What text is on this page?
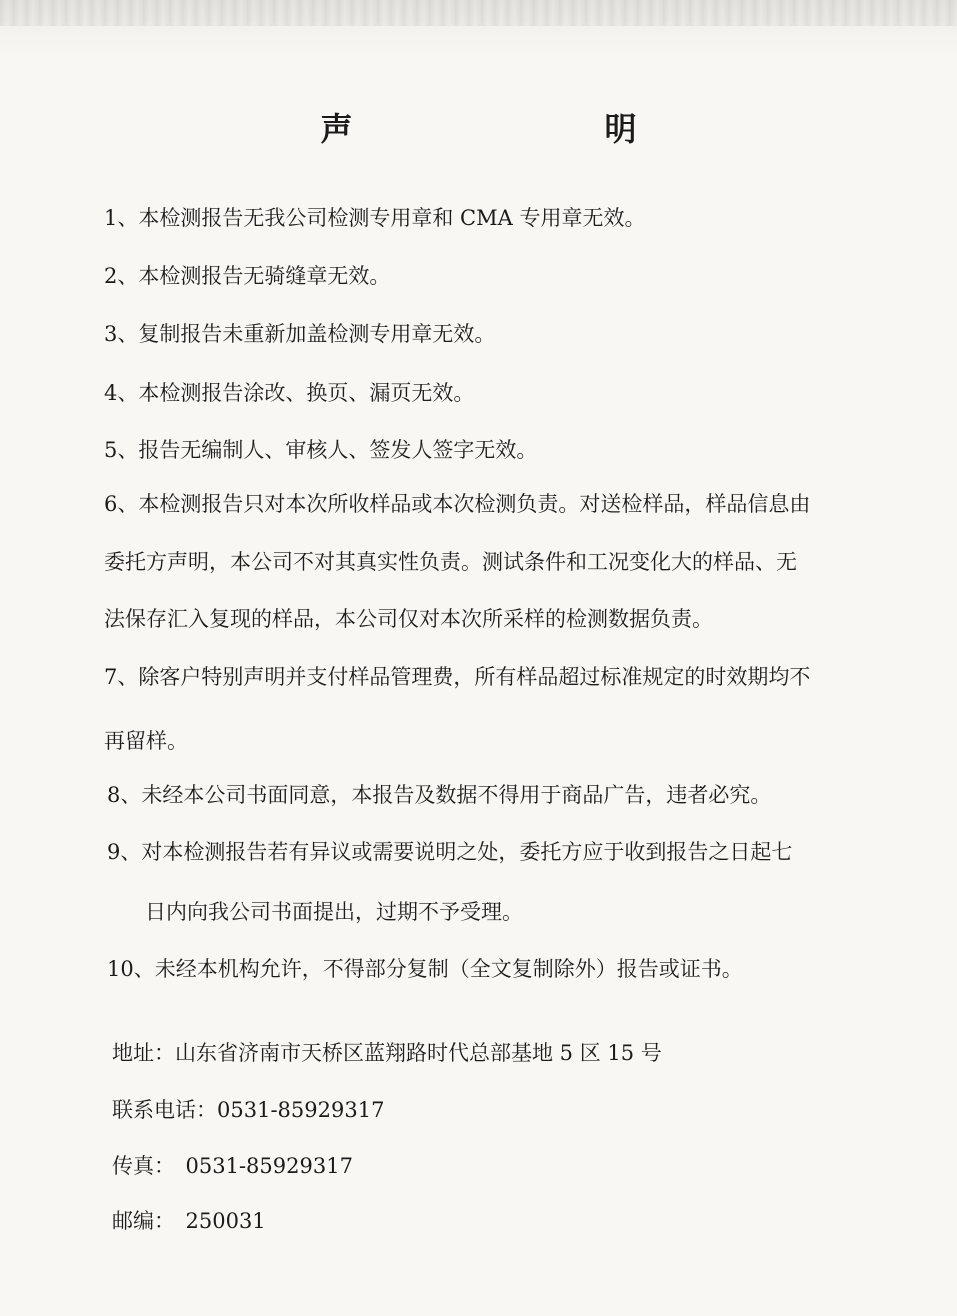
声　明
1、本检测报告无我公司检测专用章和 CMA 专用章无效。
2、本检测报告无骑缝章无效。
3、复制报告未重新加盖检测专用章无效。
4、本检测报告涂改、换页、漏页无效。
5、报告无编制人、审核人、签发人签字无效。
6、本检测报告只对本次所收样品或本次检测负责。对送检样品，样品信息由
委托方声明，本公司不对其真实性负责。测试条件和工况变化大的样品、无
法保存汇入复现的样品，本公司仅对本次所采样的检测数据负责。
7、除客户特别声明并支付样品管理费，所有样品超过标准规定的时效期均不
再留样。
8、未经本公司书面同意，本报告及数据不得用于商品广告，违者必究。
9、对本检测报告若有异议或需要说明之处，委托方应于收到报告之日起七
日内向我公司书面提出，过期不予受理。
10、未经本机构允许，不得部分复制（全文复制除外）报告或证书。
地址：山东省济南市天桥区蓝翔路时代总部基地 5 区 15 号
联系电话：0531-85929317
传真：　0531-85929317
邮编：　250031
